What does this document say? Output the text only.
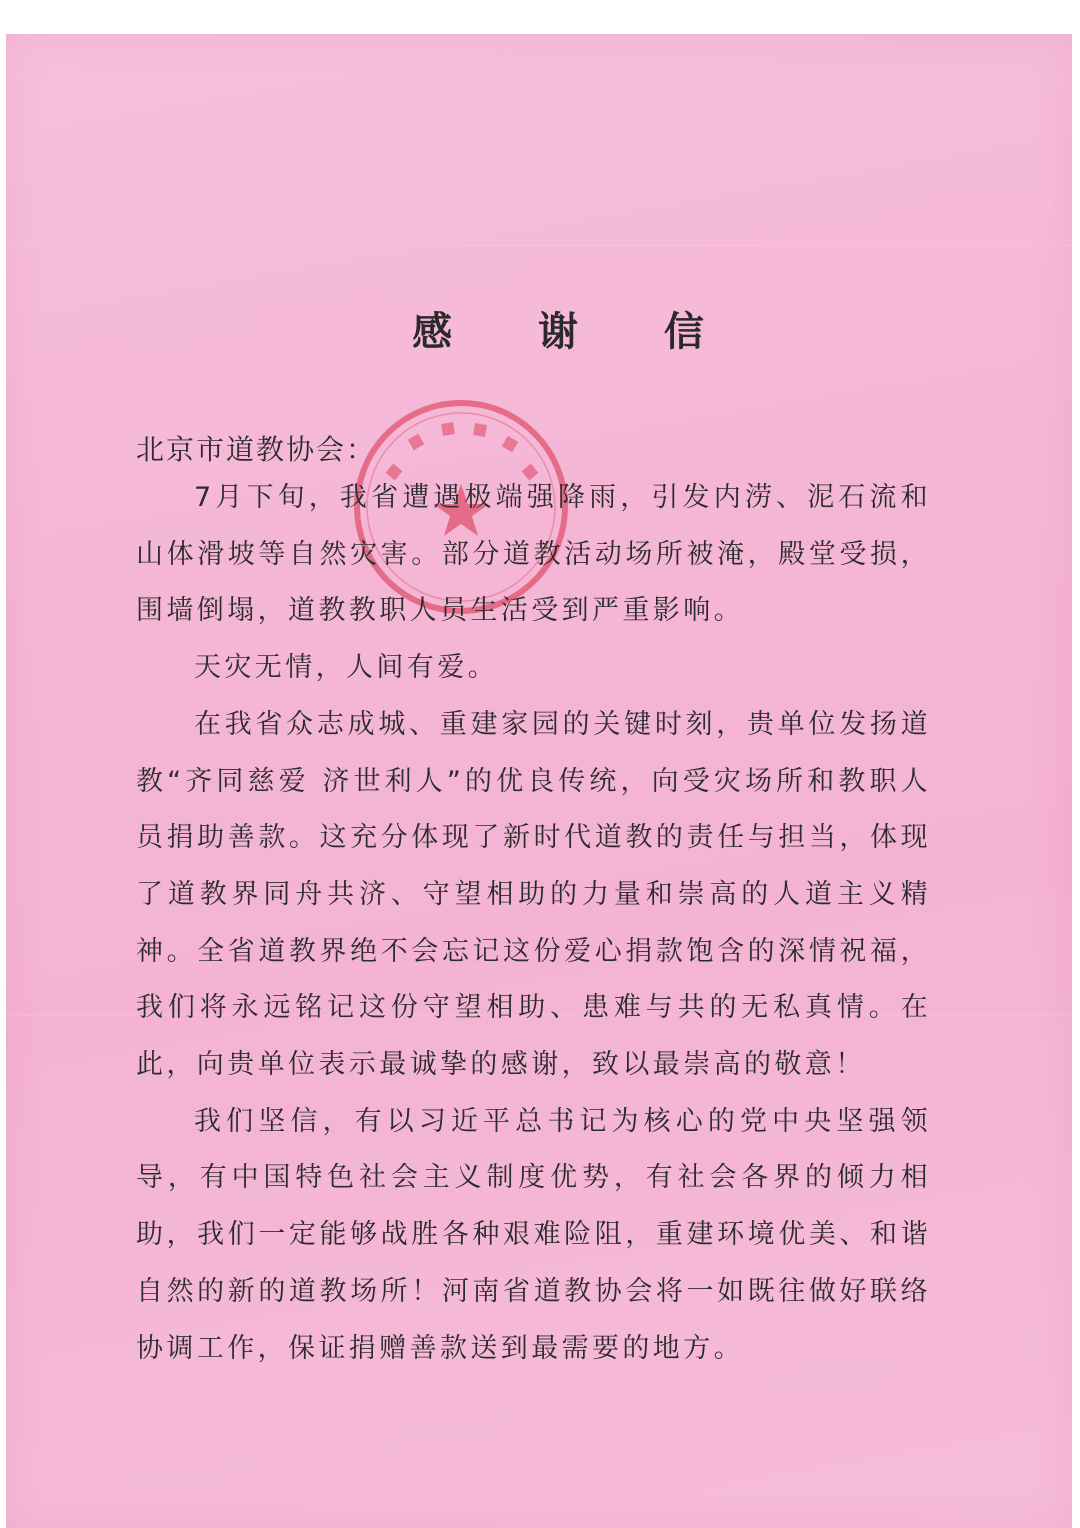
感 谢 信
北京市道教协会：

7月下旬，我省遭遇极端强降雨，引发内涝、泥石流和山体滑坡等自然灾害。部分道教活动场所被淹，殿堂受损，围墙倒塌，道教教职人员生活受到严重影响。

天灾无情，人间有爱。

在我省众志成城、重建家园的关键时刻，贵单位发扬道教“齐同慈爱 济世利人”的优良传统，向受灾场所和教职人员捐助善款。这充分体现了新时代道教的责任与担当，体现了道教界同舟共济、守望相助的力量和崇高的人道主义精神。全省道教界绝不会忘记这份爱心捐款饱含的深情祝福，我们将永远铭记这份守望相助、患难与共的无私真情。在此，向贵单位表示最诚挚的感谢，致以最崇高的敬意！

我们坚信，有以习近平总书记为核心的党中央坚强领导，有中国特色社会主义制度优势，有社会各界的倾力相助，我们一定能够战胜各种艰难险阻，重建环境优美、和谐自然的新的道教场所！河南省道教协会将一如既往做好联络协调工作，保证捐赠善款送到最需要的地方。
